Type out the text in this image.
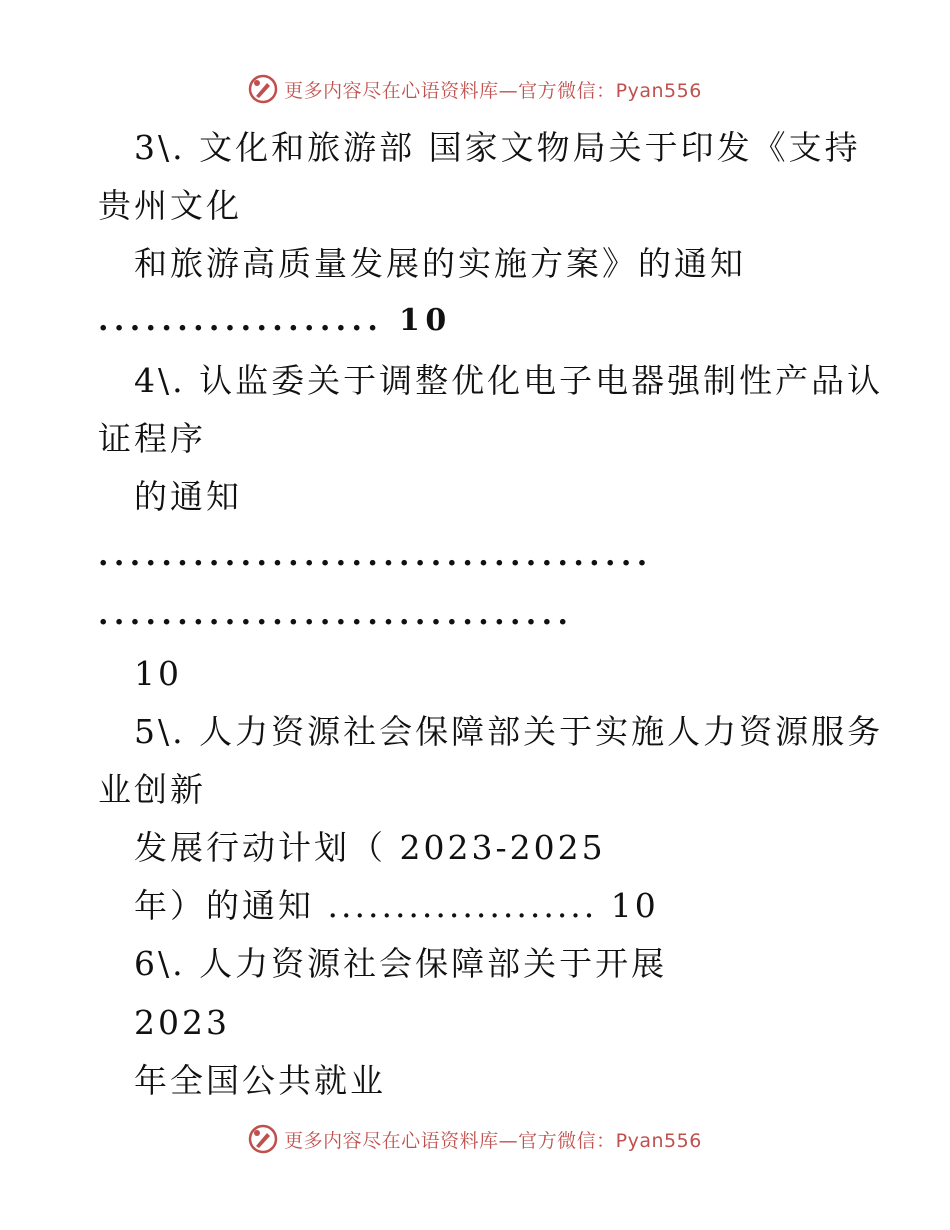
更多内容尽在心语资料库—官方微信：Pyan556
3\. 文化和旅游部 国家文物局关于印发《支持
贵州文化
和旅游高质量发展的实施方案》的通知
.................. 10
4\. 认监委关于调整优化电子电器强制性产品认
证程序
的通知
...................................
..............................
10
5\. 人力资源社会保障部关于实施人力资源服务
业创新
发展行动计划（ 2023-2025
年）的通知 .................... 10
6\. 人力资源社会保障部关于开展
2023
年全国公共就业
更多内容尽在心语资料库—官方微信：Pyan556
